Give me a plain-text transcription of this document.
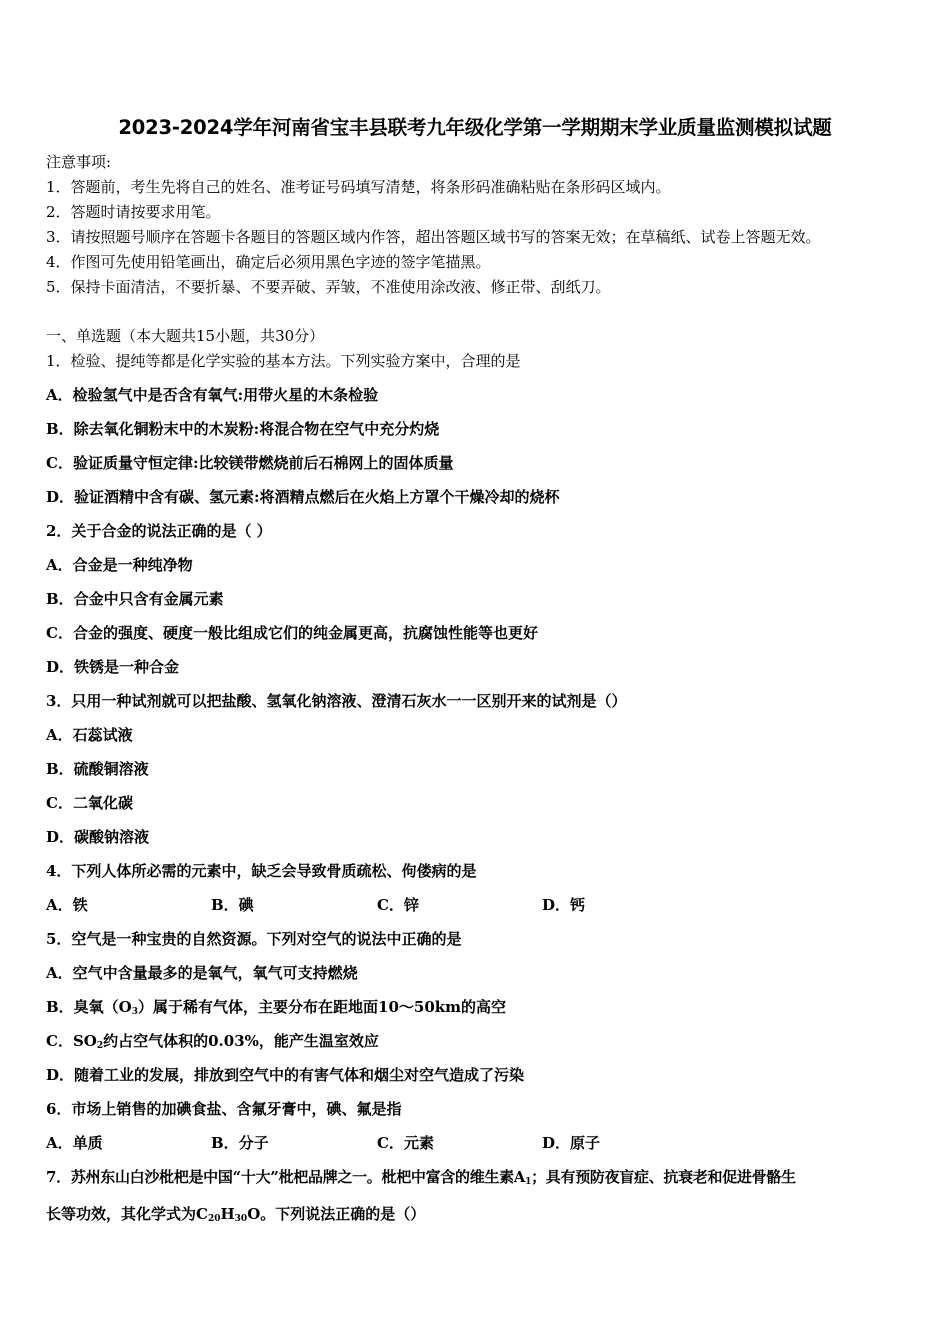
2023-2024学年河南省宝丰县联考九年级化学第一学期期末学业质量监测模拟试题
注意事项:
1．答题前，考生先将自己的姓名、准考证号码填写清楚，将条形码准确粘贴在条形码区域内。
2．答题时请按要求用笔。
3．请按照题号顺序在答题卡各题目的答题区域内作答，超出答题区域书写的答案无效；在草稿纸、试卷上答题无效。
4．作图可先使用铅笔画出，确定后必须用黑色字迹的签字笔描黑。
5．保持卡面清洁，不要折暴、不要弄破、弄皱，不准使用涂改液、修正带、刮纸刀。
一、单选题（本大题共15小题，共30分）
1．检验、提纯等都是化学实验的基本方法。下列实验方案中，合理的是
A．检验氢气中是否含有氧气:用带火星的木条检验
B．除去氧化铜粉末中的木炭粉:将混合物在空气中充分灼烧
C．验证质量守恒定律:比较镁带燃烧前后石棉网上的固体质量
D．验证酒精中含有碳、氢元素:将酒精点燃后在火焰上方罩个干燥冷却的烧杯
2．关于合金的说法正确的是（ ）
A．合金是一种纯净物
B．合金中只含有金属元素
C．合金的强度、硬度一般比组成它们的纯金属更高，抗腐蚀性能等也更好
D．铁锈是一种合金
3．只用一种试剂就可以把盐酸、氢氧化钠溶液、澄清石灰水一一区别开来的试剂是（）
A．石蕊试液
B．硫酸铜溶液
C．二氧化碳
D．碳酸钠溶液
4．下列人体所必需的元素中，缺乏会导致骨质疏松、佝偻病的是
A．铁	B．碘	C．锌	D．钙
5．空气是一种宝贵的自然资源。下列对空气的说法中正确的是
A．空气中含量最多的是氧气，氧气可支持燃烧
B．臭氧$(O_3)$属于稀有气体，主要分布在距地面10～50km的高空
C．$SO_2$约占空气体积的0.03%，能产生温室效应
D．随着工业的发展，排放到空气中的有害气体和烟尘对空气造成了污染
6．市场上销售的加碘食盐、含氟牙膏中，碘、氟是指
A．单质	B．分子	C．元素	D．原子
7．苏州东山白沙枇杷是中国“十大”枇杷品牌之一。枇杷中富含的维生素$A_1$；具有预防夜盲症、抗衰老和促进骨骼生
长等功效，其化学式为$C_{20}H_{30}O$。下列说法正确的是（）
